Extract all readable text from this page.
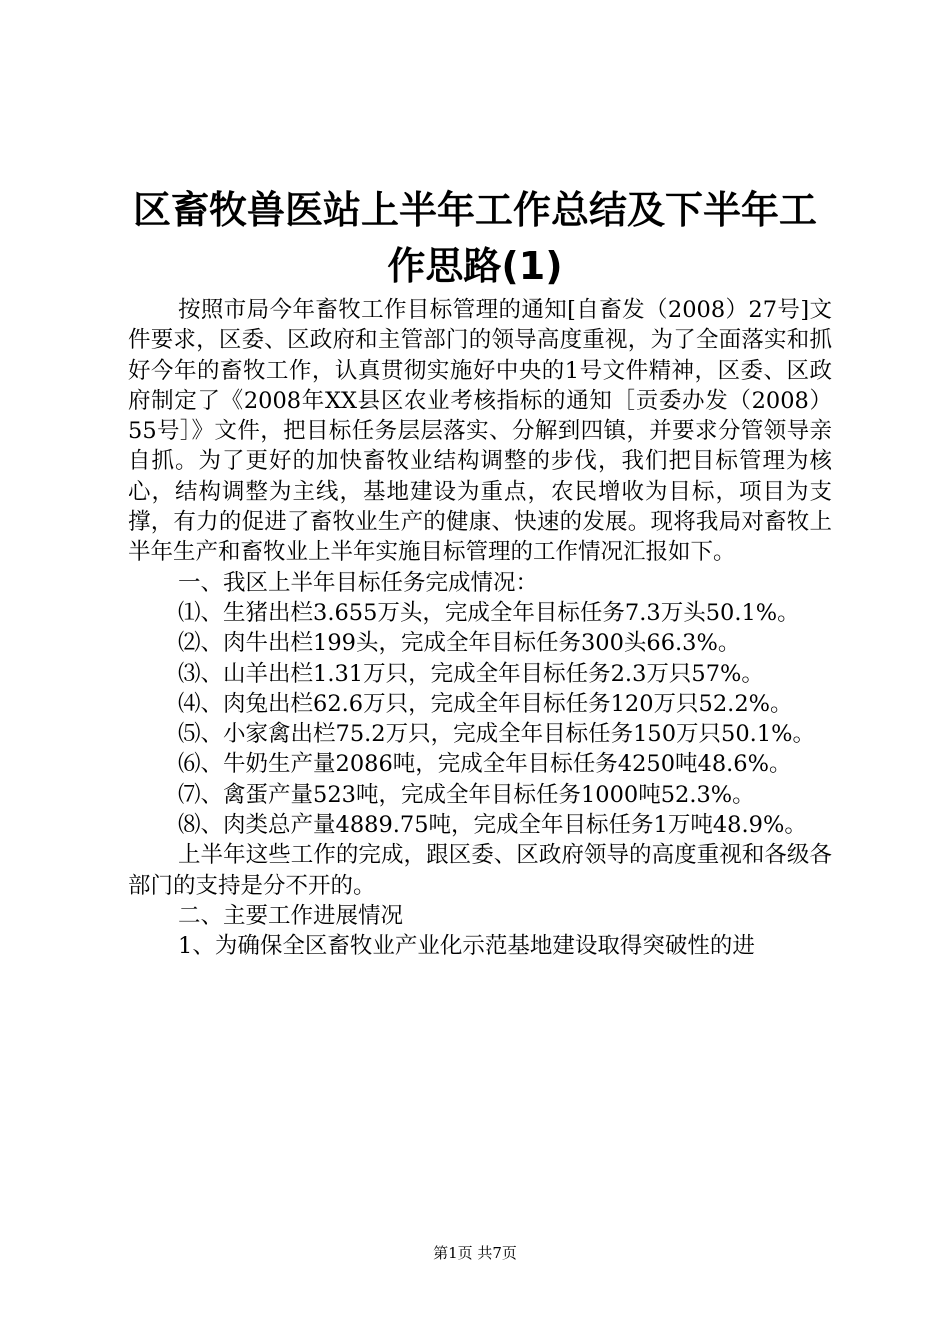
区畜牧兽医站上半年工作总结及下半年工作思路(1)

按照市局今年畜牧工作目标管理的通知[自畜发（2008）27号]文件要求，区委、区政府和主管部门的领导高度重视，为了全面落实和抓好今年的畜牧工作，认真贯彻实施好中央的1号文件精神，区委、区政府制定了《2008年XX县区农业考核指标的通知［贡委办发（2008）55号］》文件，把目标任务层层落实、分解到四镇，并要求分管领导亲自抓。为了更好的加快畜牧业结构调整的步伐，我们把目标管理为核心，结构调整为主线，基地建设为重点，农民增收为目标，项目为支撑，有力的促进了畜牧业生产的健康、快速的发展。现将我局对畜牧上半年生产和畜牧业上半年实施目标管理的工作情况汇报如下。

一、我区上半年目标任务完成情况：

⑴、生猪出栏3.655万头，完成全年目标任务7.3万头50.1%。

⑵、肉牛出栏199头，完成全年目标任务300头66.3%。

⑶、山羊出栏1.31万只，完成全年目标任务2.3万只57%。

⑷、肉兔出栏62.6万只，完成全年目标任务120万只52.2%。

⑸、小家禽出栏75.2万只，完成全年目标任务150万只50.1%。

⑹、牛奶生产量2086吨，完成全年目标任务4250吨48.6%。

⑺、禽蛋产量523吨，完成全年目标任务1000吨52.3%。

⑻、肉类总产量4889.75吨，完成全年目标任务1万吨48.9%。

上半年这些工作的完成，跟区委、区政府领导的高度重视和各级各部门的支持是分不开的。

二、主要工作进展情况

1、为确保全区畜牧业产业化示范基地建设取得突破性的进

第1页 共7页
